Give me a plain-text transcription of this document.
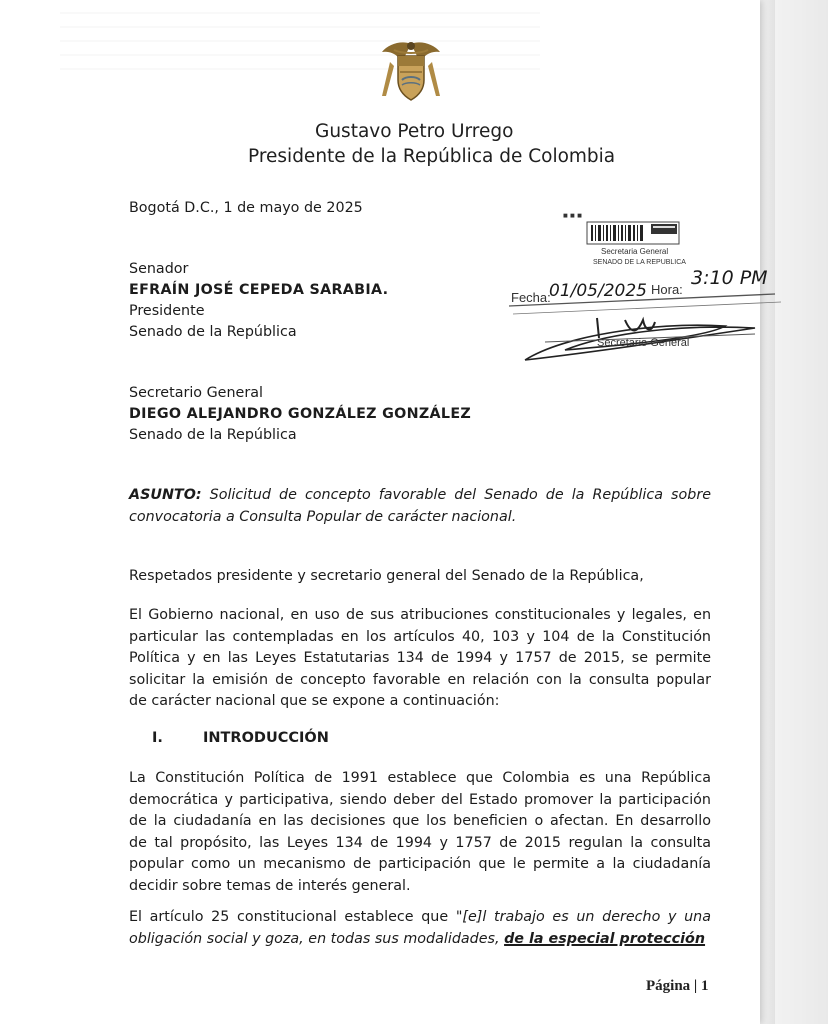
Gustavo Petro Urrego
Presidente de la República de Colombia
Bogotá D.C., 1 de mayo de 2025
Senador
EFRAÍN JOSÉ CEPEDA SARABIA.
Presidente
Senado de la República
Secretario General
DIEGO ALEJANDRO GONZÁLEZ GONZÁLEZ
Senado de la República
ASUNTO: Solicitud de concepto favorable del Senado de la República sobre
convocatoria a Consulta Popular de carácter nacional.
Respetados presidente y secretario general del Senado de la República,
El Gobierno nacional, en uso de sus atribuciones constitucionales y legales, en
particular las contempladas en los artículos 40, 103 y 104 de la Constitución
Política y en las Leyes Estatutarias 134 de 1994 y 1757 de 2015, se permite
solicitar la emisión de concepto favorable en relación con la consulta popular
de carácter nacional que se expone a continuación:
I.	INTRODUCCIÓN
La Constitución Política de 1991 establece que Colombia es una República
democrática y participativa, siendo deber del Estado promover la participación
de la ciudadanía en las decisiones que los beneficien o afectan. En desarrollo
de tal propósito, las Leyes 134 de 1994 y 1757 de 2015 regulan la consulta
popular como un mecanismo de participación que le permite a la ciudadanía
decidir sobre temas de interés general.
El artículo 25 constitucional establece que "[e]l trabajo es un derecho y una
obligación social y goza, en todas sus modalidades, de la especial protección
Página | 1
■ ■ ■
Secretaria General
SENADO DE LA REPUBLICA
Fecha:
01/05/2025 Hora:
3:10 PM
Secretario General
